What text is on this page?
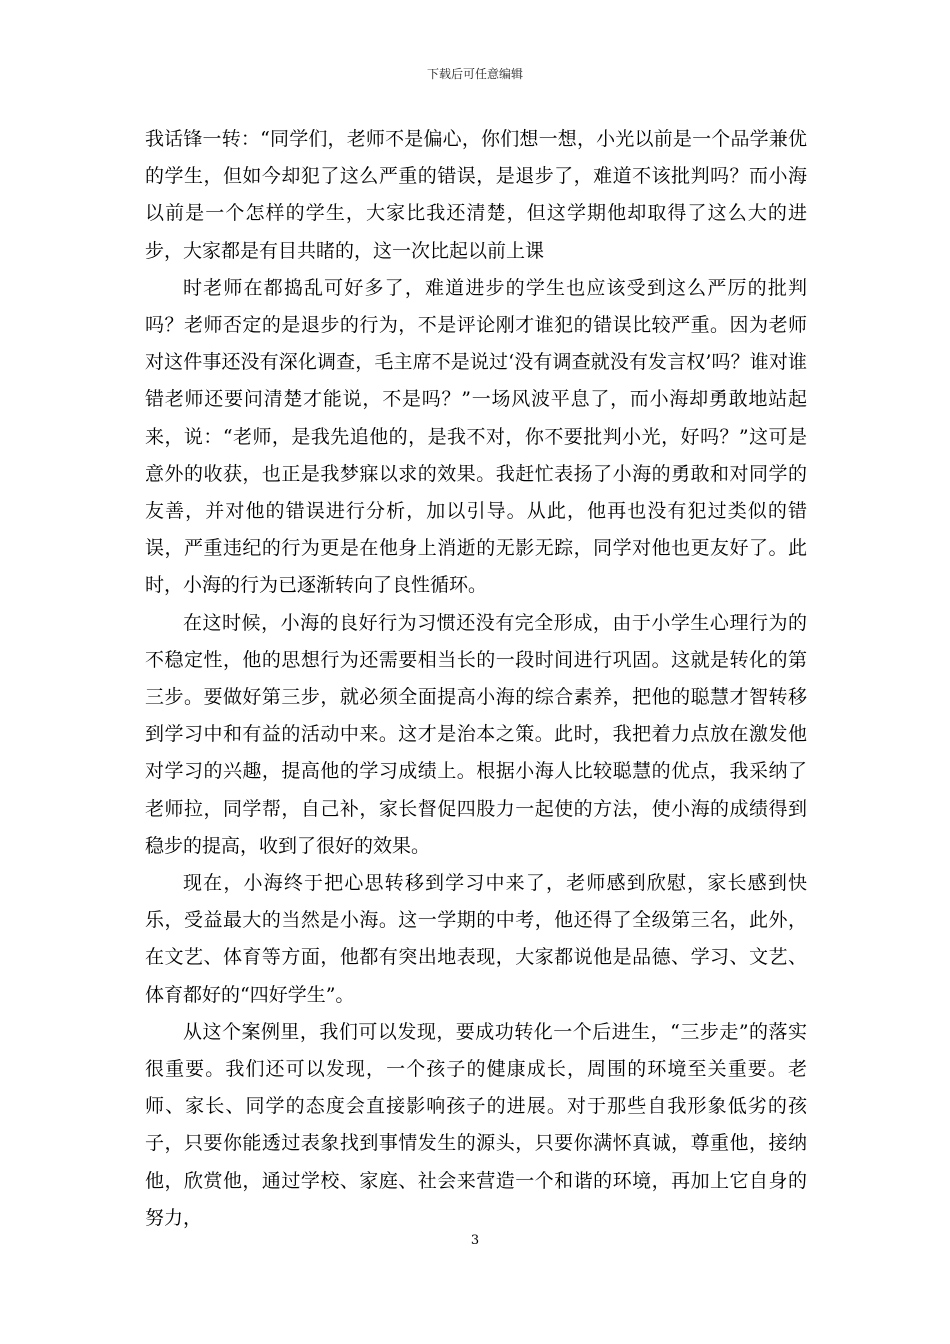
下载后可任意编辑

我话锋一转：“同学们，老师不是偏心，你们想一想，小光以前是一个品学兼优的学生，但如今却犯了这么严重的错误，是退步了，难道不该批判吗？而小海以前是一个怎样的学生，大家比我还清楚，但这学期他却取得了这么大的进步，大家都是有目共睹的，这一次比起以前上课

时老师在都捣乱可好多了，难道进步的学生也应该受到这么严厉的批判吗？老师否定的是退步的行为，不是评论刚才谁犯的错误比较严重。因为老师对这件事还没有深化调查，毛主席不是说过‘没有调查就没有发言权’吗？谁对谁错老师还要问清楚才能说，不是吗？”一场风波平息了，而小海却勇敢地站起来，说：“老师，是我先追他的，是我不对，你不要批判小光，好吗？”这可是意外的收获，也正是我梦寐以求的效果。我赶忙表扬了小海的勇敢和对同学的友善，并对他的错误进行分析，加以引导。从此，他再也没有犯过类似的错误，严重违纪的行为更是在他身上消逝的无影无踪，同学对他也更友好了。此时，小海的行为已逐渐转向了良性循环。

在这时候，小海的良好行为习惯还没有完全形成，由于小学生心理行为的不稳定性，他的思想行为还需要相当长的一段时间进行巩固。这就是转化的第三步。要做好第三步，就必须全面提高小海的综合素养，把他的聪慧才智转移到学习中和有益的活动中来。这才是治本之策。此时，我把着力点放在激发他对学习的兴趣，提高他的学习成绩上。根据小海人比较聪慧的优点，我采纳了老师拉，同学帮，自己补，家长督促四股力一起使的方法，使小海的成绩得到稳步的提高，收到了很好的效果。

现在，小海终于把心思转移到学习中来了，老师感到欣慰，家长感到快乐，受益最大的当然是小海。这一学期的中考，他还得了全级第三名，此外，在文艺、体育等方面，他都有突出地表现，大家都说他是品德、学习、文艺、体育都好的“四好学生”。

从这个案例里，我们可以发现，要成功转化一个后进生，“三步走”的落实很重要。我们还可以发现，一个孩子的健康成长，周围的环境至关重要。老师、家长、同学的态度会直接影响孩子的进展。对于那些自我形象低劣的孩子，只要你能透过表象找到事情发生的源头，只要你满怀真诚，尊重他，接纳他，欣赏他，通过学校、家庭、社会来营造一个和谐的环境，再加上它自身的努力，

3
